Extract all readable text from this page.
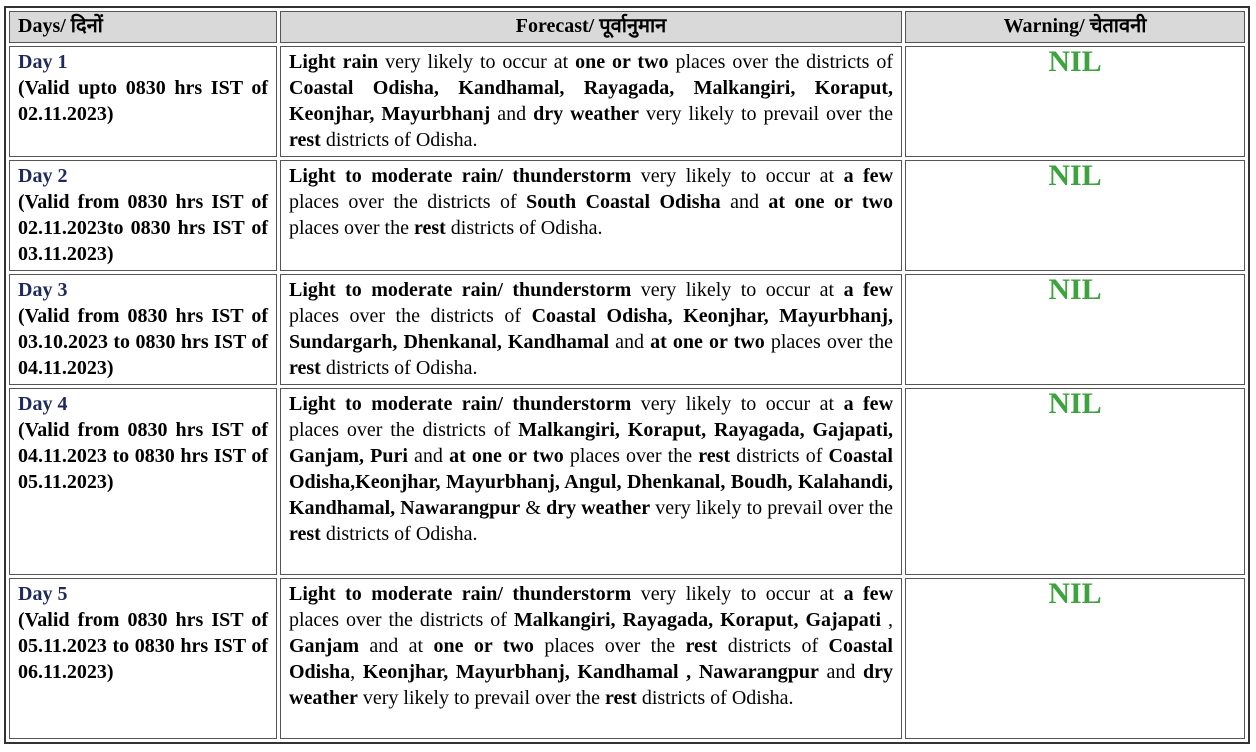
Days/ दिनों	Forecast/ पूर्वानुमान	Warning/ चेतावनी

Day 1
(Valid upto 0830 hrs IST of 02.11.2023)	Light rain very likely to occur at one or two places over the districts of Coastal Odisha, Kandhamal, Rayagada, Malkangiri, Koraput, Keonjhar, Mayurbhanj and dry weather very likely to prevail over the rest districts of Odisha.	NIL

Day 2
(Valid from 0830 hrs IST of 02.11.2023to 0830 hrs IST of 03.11.2023)	Light to moderate rain/ thunderstorm very likely to occur at a few places over the districts of South Coastal Odisha and at one or two places over the rest districts of Odisha.	NIL

Day 3
(Valid from 0830 hrs IST of 03.10.2023 to 0830 hrs IST of 04.11.2023)	Light to moderate rain/ thunderstorm very likely to occur at a few places over the districts of Coastal Odisha, Keonjhar, Mayurbhanj, Sundargarh, Dhenkanal, Kandhamal and at one or two places over the rest districts of Odisha.	NIL

Day 4
(Valid from 0830 hrs IST of 04.11.2023 to 0830 hrs IST of 05.11.2023)	Light to moderate rain/ thunderstorm very likely to occur at a few places over the districts of Malkangiri, Koraput, Rayagada, Gajapati, Ganjam, Puri and at one or two places over the rest districts of Coastal Odisha,Keonjhar, Mayurbhanj, Angul, Dhenkanal, Boudh, Kalahandi, Kandhamal, Nawarangpur & dry weather very likely to prevail over the rest districts of Odisha.	NIL

Day 5
(Valid from 0830 hrs IST of 05.11.2023 to 0830 hrs IST of 06.11.2023)	Light to moderate rain/ thunderstorm very likely to occur at a few places over the districts of Malkangiri, Rayagada, Koraput, Gajapati , Ganjam and at one or two places over the rest districts of Coastal Odisha, Keonjhar, Mayurbhanj, Kandhamal , Nawarangpur and dry weather very likely to prevail over the rest districts of Odisha.	NIL
